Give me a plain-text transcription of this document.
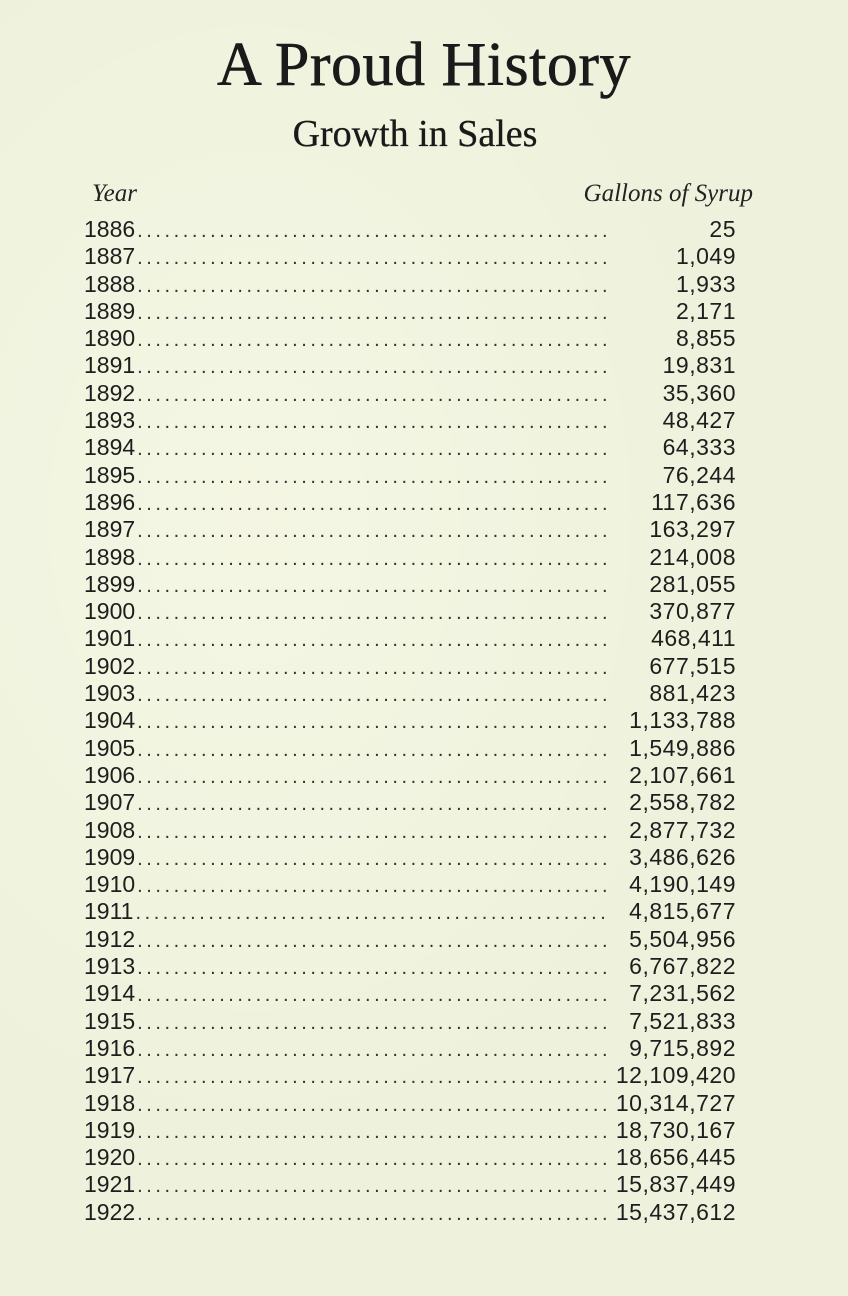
A Proud History
Growth in Sales
Year	Gallons of Syrup
1886 . . .	25
1887 . . .	1,049
1888 . . .	1,933
1889 . . .	2,171
1890 . . .	8,855
1891 . . .	19,831
1892 . . .	35,360
1893 . . .	48,427
1894 . . .	64,333
1895 . . .	76,244
1896 . . .	117,636
1897 . . .	163,297
1898 . . .	214,008
1899 . . .	281,055
1900 . . .	370,877
1901 . . .	468,411
1902 . . .	677,515
1903 . . .	881,423
1904 . . .	1,133,788
1905 . . .	1,549,886
1906 . . .	2,107,661
1907 . . .	2,558,782
1908 . . .	2,877,732
1909 . . .	3,486,626
1910 . . .	4,190,149
1911 . . .	4,815,677
1912 . . .	5,504,956
1913 . . .	6,767,822
1914 . . .	7,231,562
1915 . . .	7,521,833
1916 . . .	9,715,892
1917 . . .	12,109,420
1918 . . .	10,314,727
1919 . . .	18,730,167
1920 . . .	18,656,445
1921 . . .	15,837,449
1922 . . .	15,437,612
